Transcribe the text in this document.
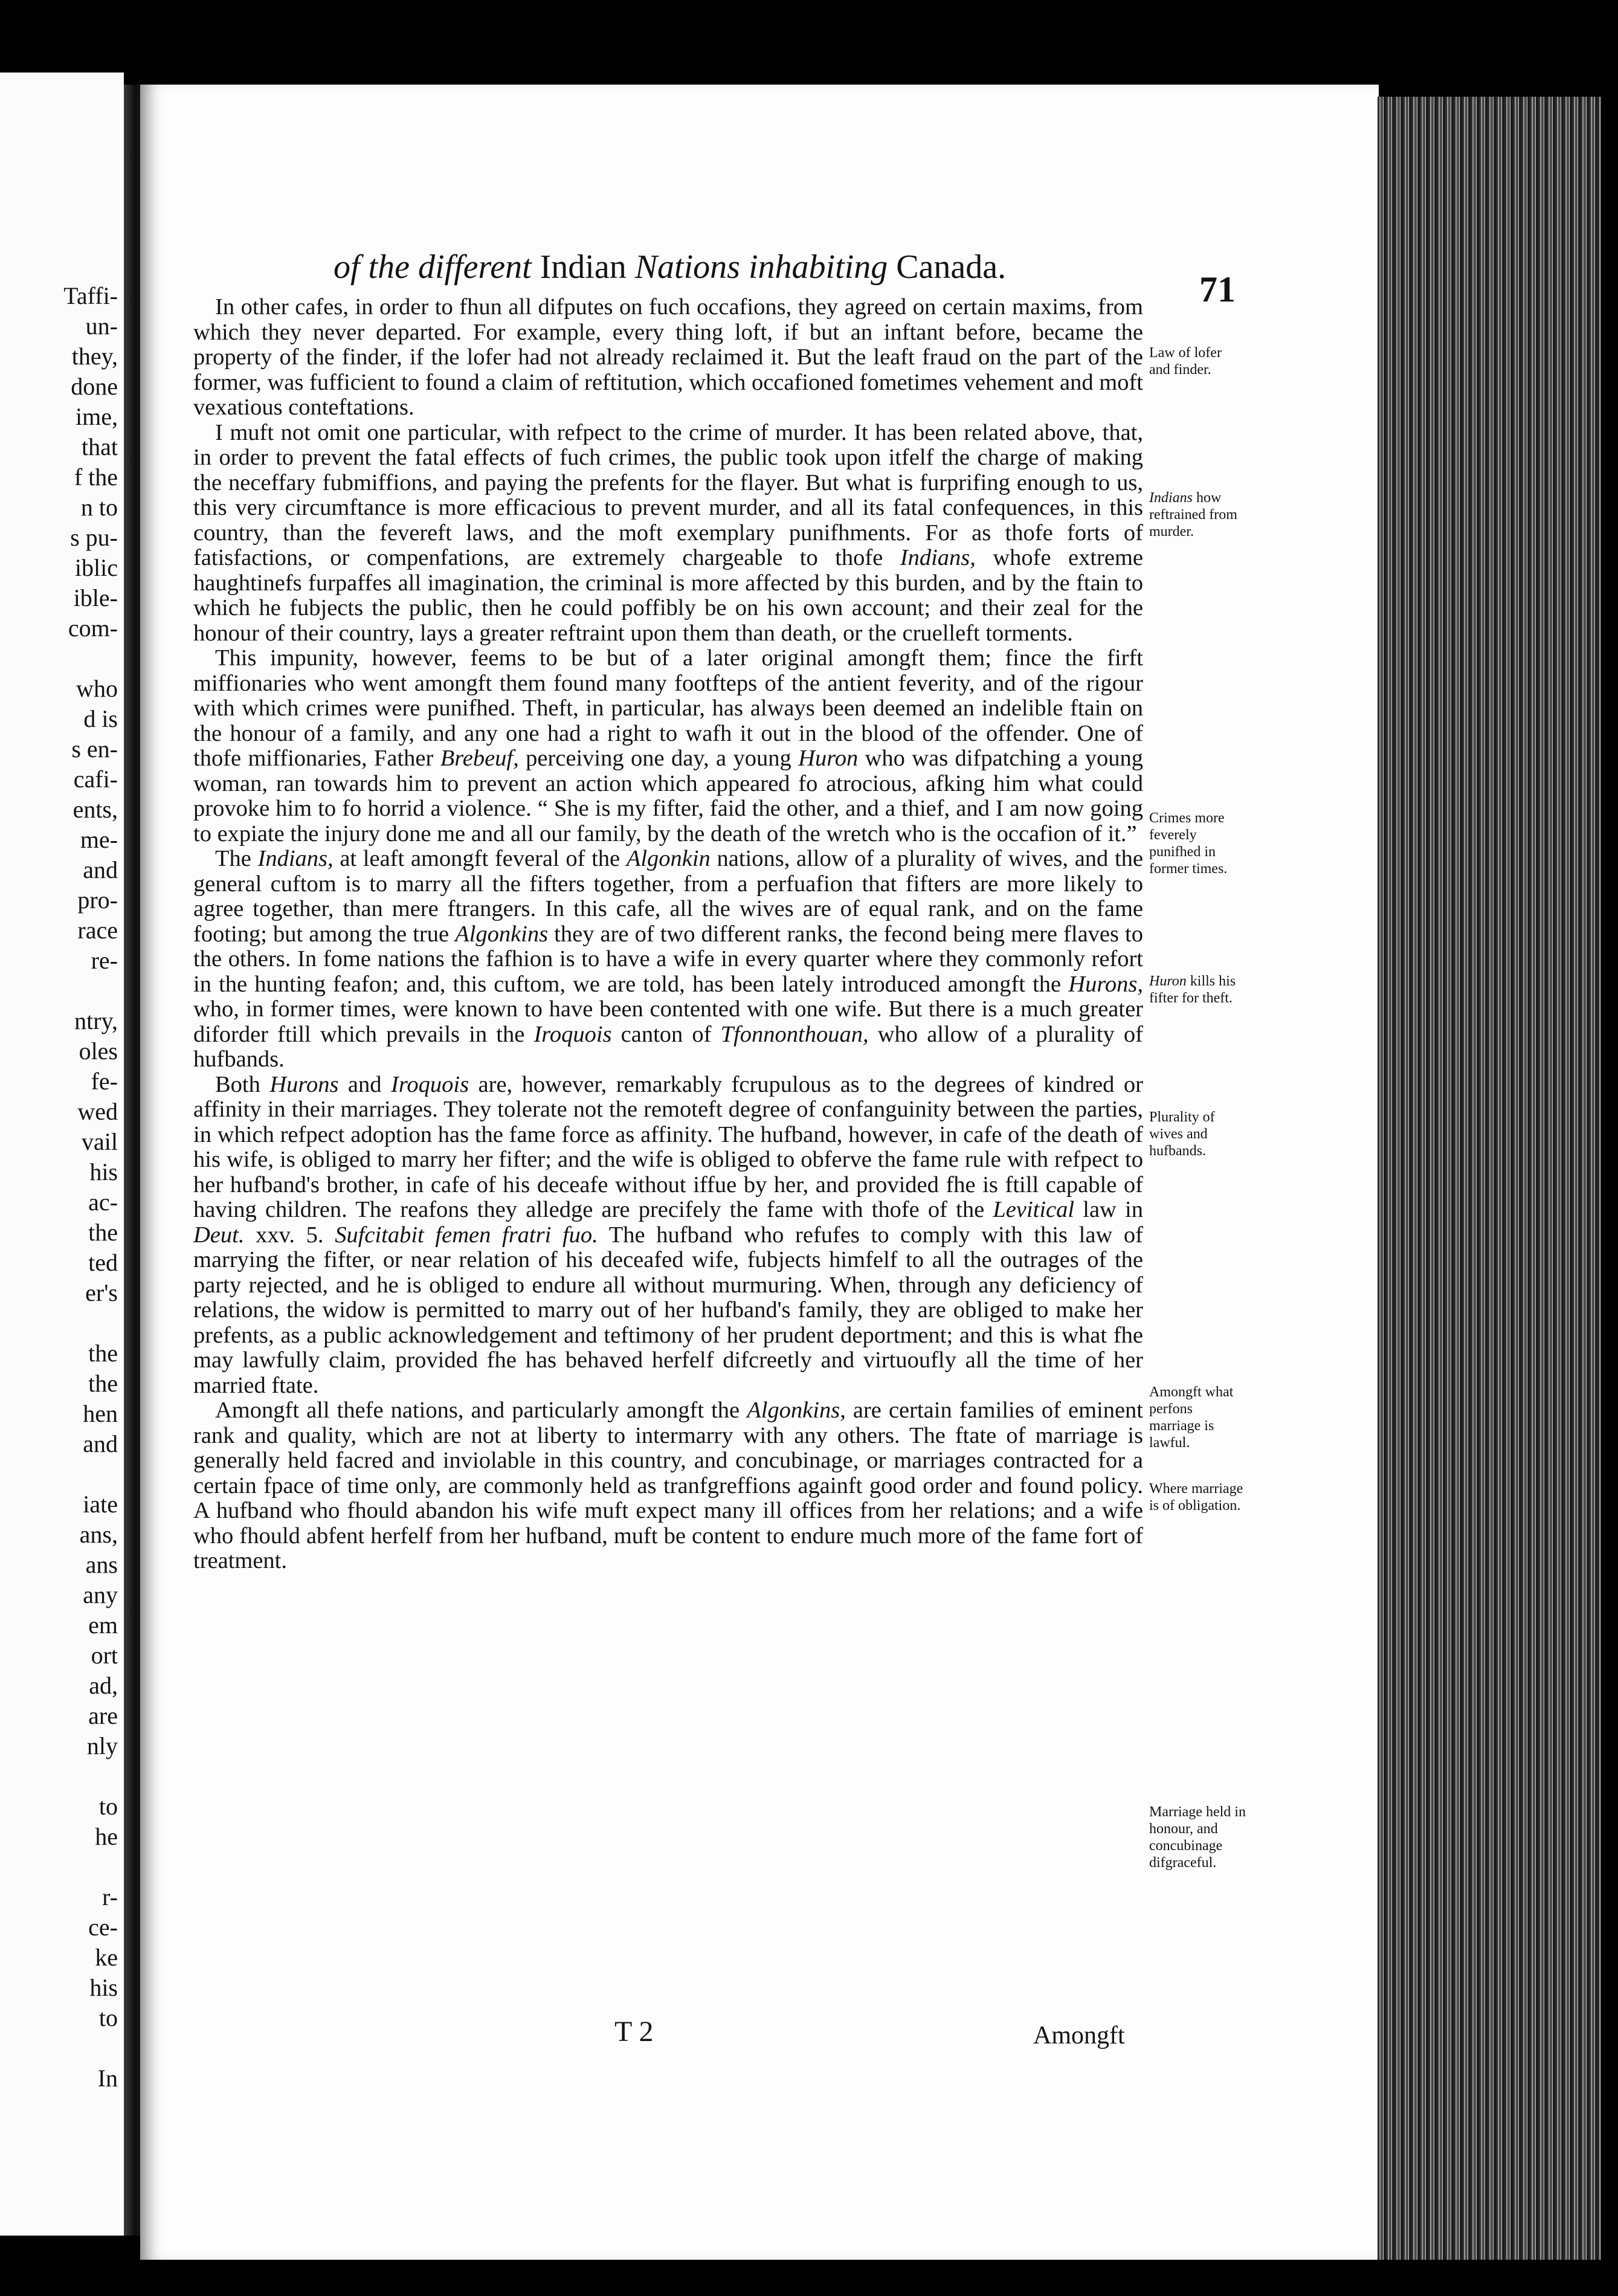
Taffi-
un-
they,
done
ime,
that
f the
n to
s pu-
iblic
ible-
com-
who
d is
s en-
cafi-
ents,
me-
and
pro-
race
re-
ntry,
oles
fe-
wed
vail
his
ac-
the
ted
er's
the
the
hen
and
iate
ans,
ans
any
em
ort
ad,
are
nly
to
he
r-
ce-
ke
his
to
In
of the different Indian Nations inhabiting Canada.
71

In other cafes, in order to fhun all difputes on fuch occafions, they agreed on certain maxims, from which they never departed. For example, every thing loft, if but an inftant before, became the property of the finder, if the lofer had not already reclaimed it. But the leaft fraud on the part of the former, was fufficient to found a claim of reftitution, which occafioned fometimes vehement and moft vexatious conteftations.

I muft not omit one particular, with refpect to the crime of murder. It has been related above, that, in order to prevent the fatal effects of fuch crimes, the public took upon itfelf the charge of making the neceffary fubmiffions, and paying the prefents for the flayer. But what is furprifing enough to us, this very circumftance is more efficacious to prevent murder, and all its fatal confequences, in this country, than the fevereft laws, and the moft exemplary punifhments. For as thofe forts of fatisfactions, or compenfations, are extremely chargeable to thofe Indians, whofe extreme haughtinefs furpaffes all imagination, the criminal is more affected by this burden, and by the ftain to which he fubjects the public, then he could poffibly be on his own account; and their zeal for the honour of their country, lays a greater reftraint upon them than death, or the cruelleft torments.

This impunity, however, feems to be but of a later original amongft them; fince the firft miffionaries who went amongft them found many footfteps of the antient feverity, and of the rigour with which crimes were punifhed. Theft, in particular, has always been deemed an indelible ftain on the honour of a family, and any one had a right to wafh it out in the blood of the offender. One of thofe miffionaries, Father Brebeuf, perceiving one day, a young Huron who was difpatching a young woman, ran towards him to prevent an action which appeared fo atrocious, afking him what could provoke him to fo horrid a violence. “ She is my fifter, faid the other, and a thief, and I am now going to expiate the injury done me and all our family, by the death of the wretch who is the occafion of it.”

The Indians, at leaft amongft feveral of the Algonkin nations, allow of a plurality of wives, and the general cuftom is to marry all the fifters together, from a perfuafion that fifters are more likely to agree together, than mere ftrangers. In this cafe, all the wives are of equal rank, and on the fame footing; but among the true Algonkins they are of two different ranks, the fecond being mere flaves to the others. In fome nations the fafhion is to have a wife in every quarter where they commonly refort in the hunting feafon; and, this cuftom, we are told, has been lately introduced amongft the Hurons, who, in former times, were known to have been contented with one wife. But there is a much greater diforder ftill which prevails in the Iroquois canton of Tfonnonthouan, who allow of a plurality of hufbands.

Both Hurons and Iroquois are, however, remarkably fcrupulous as to the degrees of kindred or affinity in their marriages. They tolerate not the remoteft degree of confanguinity between the parties, in which refpect adoption has the fame force as affinity. The hufband, however, in cafe of the death of his wife, is obliged to marry her fifter; and the wife is obliged to obferve the fame rule with refpect to her hufband's brother, in cafe of his deceafe without iffue by her, and provided fhe is ftill capable of having children. The reafons they alledge are precifely the fame with thofe of the Levitical law in Deut. xxv. 5. Sufcitabit femen fratri fuo. The hufband who refufes to comply with this law of marrying the fifter, or near relation of his deceafed wife, fubjects himfelf to all the outrages of the party rejected, and he is obliged to endure all without murmuring. When, through any deficiency of relations, the widow is permitted to marry out of her hufband's family, they are obliged to make her prefents, as a public acknowledgement and teftimony of her prudent deportment; and this is what fhe may lawfully claim, provided fhe has behaved herfelf difcreetly and virtuoufly all the time of her married ftate.

Amongft all thefe nations, and particularly amongft the Algonkins, are certain families of eminent rank and quality, which are not at liberty to intermarry with any others. The ftate of marriage is generally held facred and inviolable in this country, and concubinage, or marriages contracted for a certain fpace of time only, are commonly held as tranfgreffions againft good order and found policy. A hufband who fhould abandon his wife muft expect many ill offices from her relations; and a wife who fhould abfent herfelf from her hufband, muft be content to endure much more of the fame fort of treatment.

Law of lofer and finder.
Indians how reftrained from murder.
Crimes more feverely punifhed in former times.
Huron kills his fifter for theft.
Plurality of wives and hufbands.
Amongft what perfons marriage is lawful.
Where marriage is of obligation.
Marriage held in honour, and concubinage difgraceful.
T 2	Amongft
